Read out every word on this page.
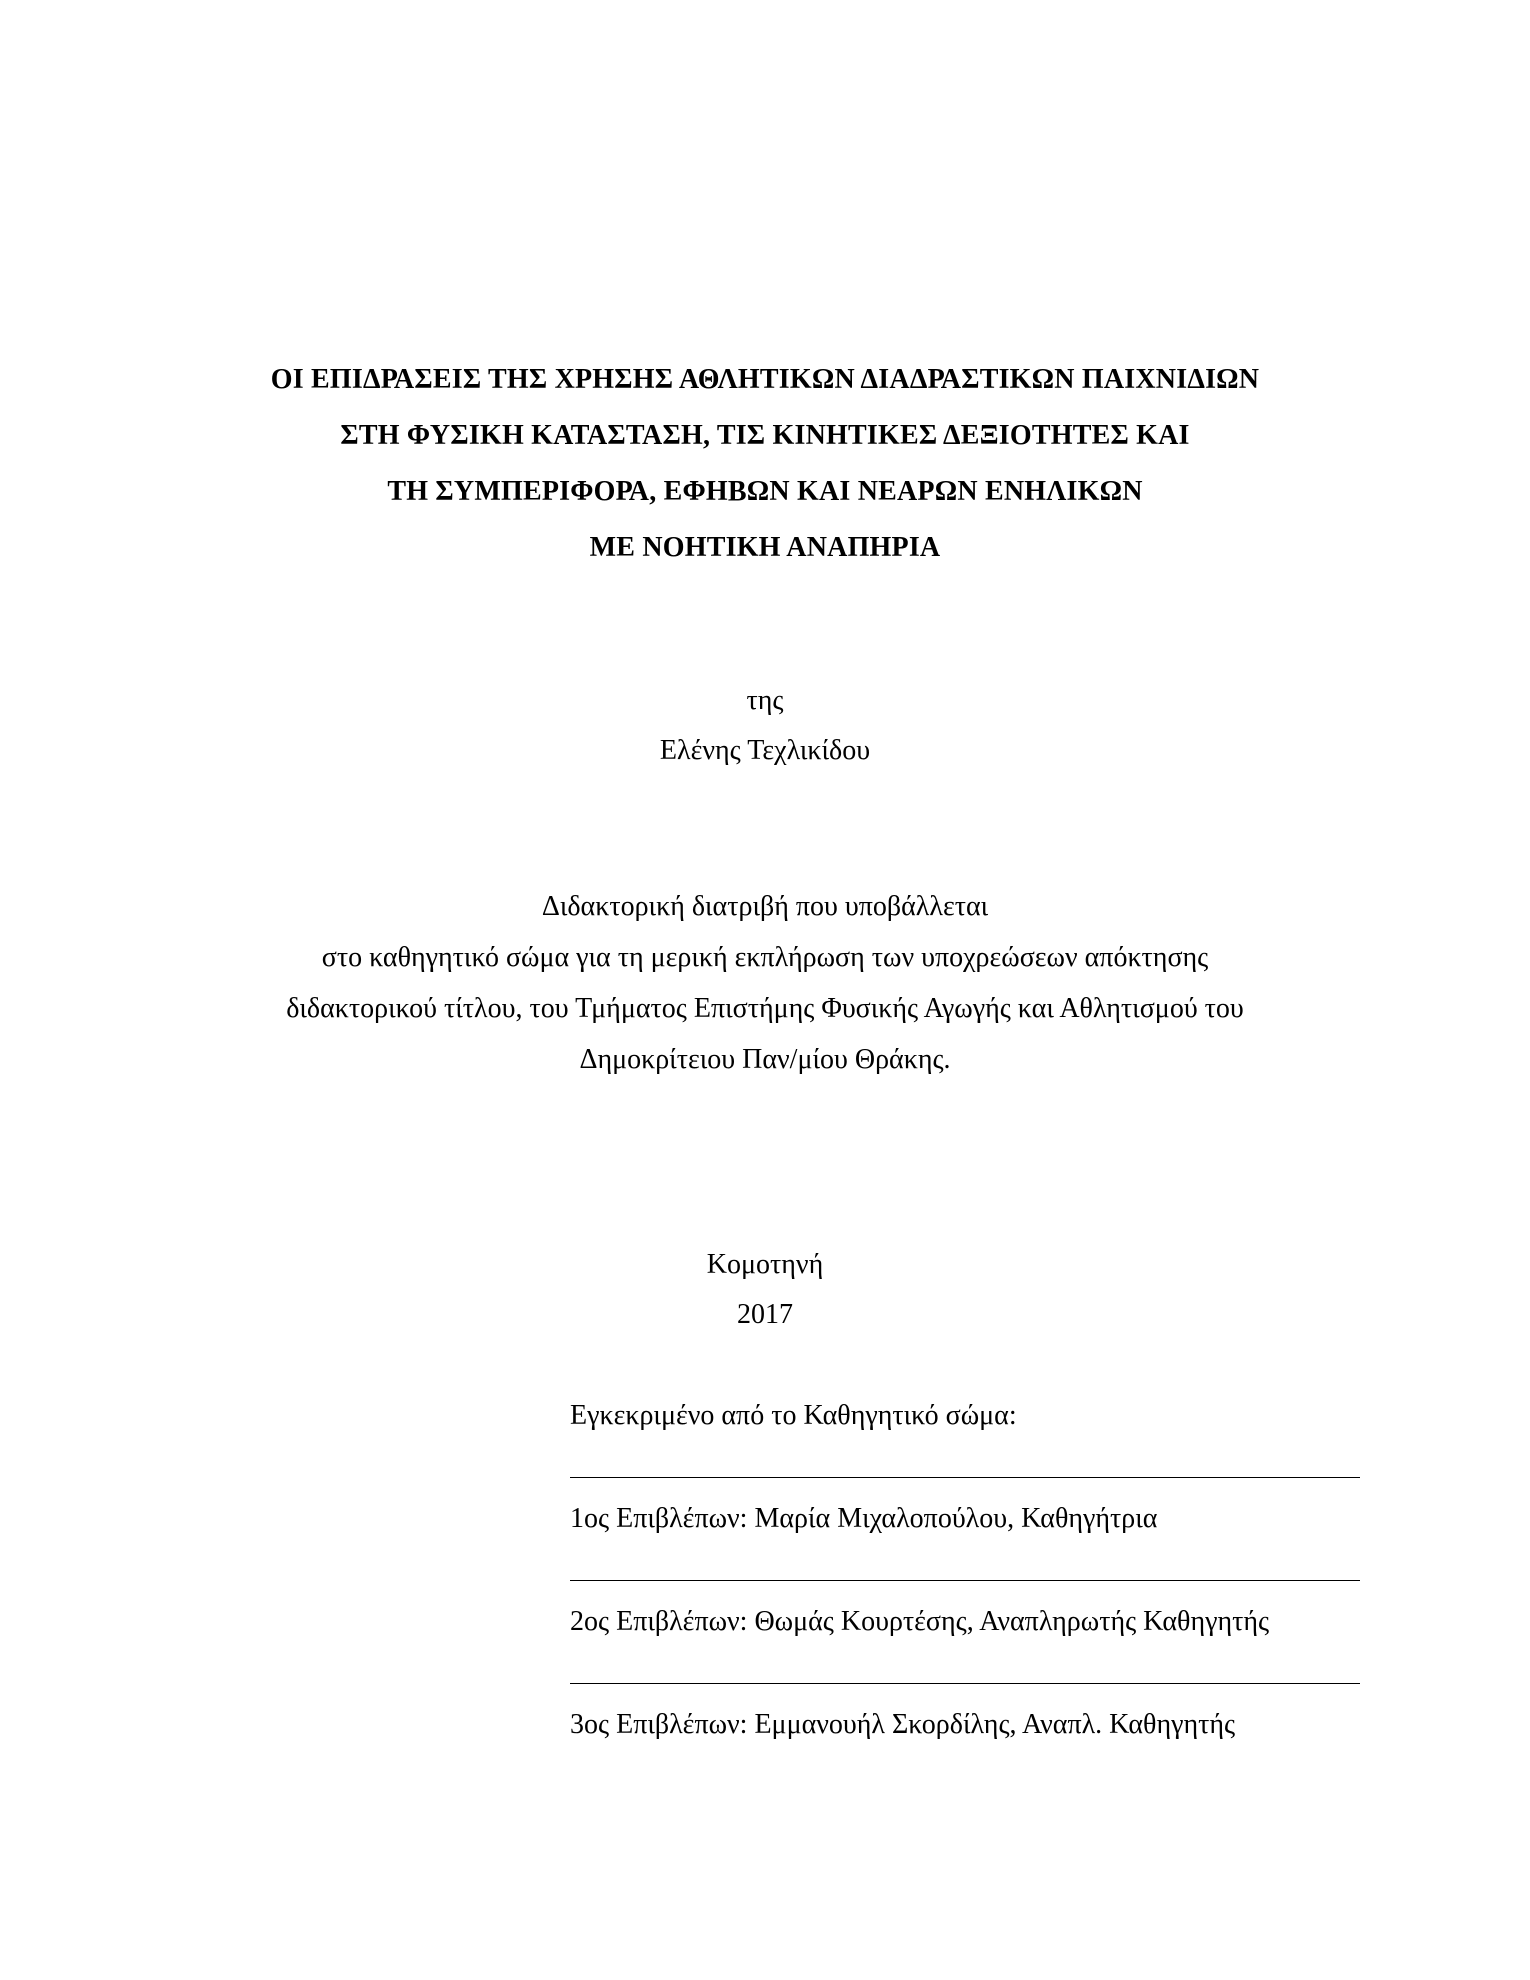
ΟΙ ΕΠΙΔΡΑΣΕΙΣ ΤΗΣ ΧΡΗΣΗΣ ΑΘΛΗΤΙΚΩΝ ΔΙΑΔΡΑΣΤΙΚΩΝ ΠΑΙΧΝΙΔΙΩΝ
ΣΤΗ ΦΥΣΙΚΗ ΚΑΤΑΣΤΑΣΗ, ΤΙΣ ΚΙΝΗΤΙΚΕΣ ΔΕΞΙΟΤΗΤΕΣ ΚΑΙ
ΤΗ ΣΥΜΠΕΡΙΦΟΡΑ, ΕΦΗΒΩΝ ΚΑΙ ΝΕΑΡΩΝ ΕΝΗΛΙΚΩΝ
ΜΕ ΝΟΗΤΙΚΗ ΑΝΑΠΗΡΙΑ
της
Ελένης Τεχλικίδου
Διδακτορική διατριβή που υποβάλλεται
στο καθηγητικό σώμα για τη μερική εκπλήρωση των υποχρεώσεων απόκτησης
διδακτορικού τίτλου, του Τμήματος Επιστήμης Φυσικής Αγωγής και Αθλητισμού του
Δημοκρίτειου Παν/μίου Θράκης.
Κομοτηνή
2017
Εγκεκριμένο από το Καθηγητικό σώμα:
1ος Επιβλέπων: Μαρία Μιχαλοπούλου, Καθηγήτρια
2ος Επιβλέπων: Θωμάς Κουρτέσης, Αναπληρωτής Καθηγητής
3ος Επιβλέπων: Εμμανουήλ Σκορδίλης, Αναπλ. Καθηγητής
